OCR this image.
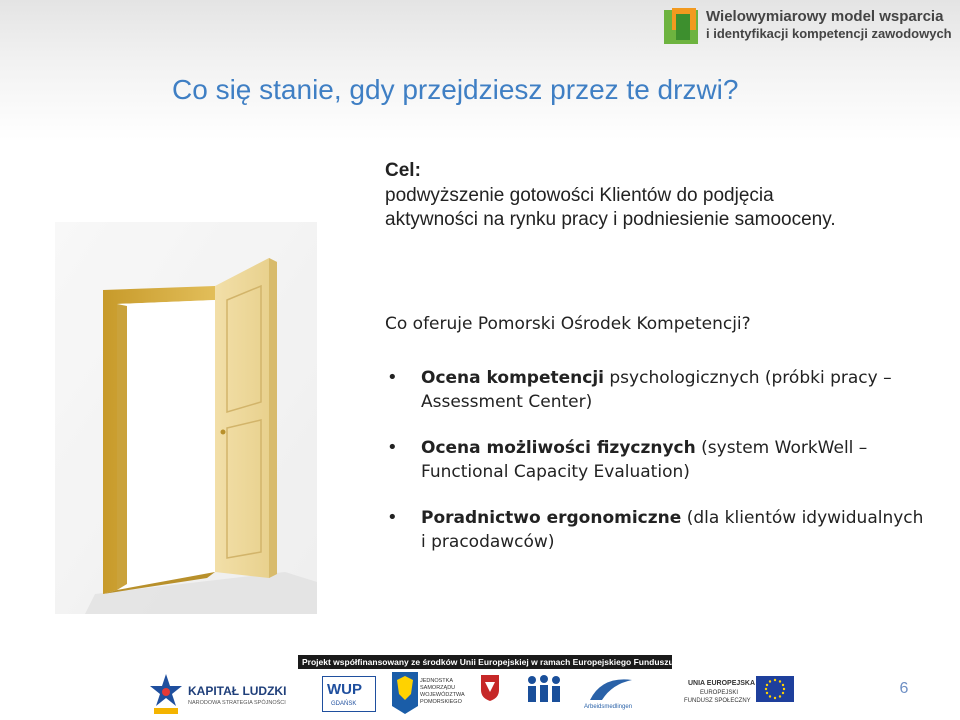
Wielowymiarowy model wsparcia
i identyfikacji kompetencji zawodowych
Co się stanie, gdy przejdziesz przez te drzwi?
Cel:
podwyższenie gotowości Klientów do podjęcia aktywności na rynku pracy i podniesienie samooceny.
Co oferuje Pomorski Ośrodek Kompetencji?
• Ocena kompetencji psychologicznych (próbki pracy – Assessment Center)
• Ocena możliwości fizycznych (system WorkWell – Functional Capacity Evaluation)
• Poradnictwo ergonomiczne (dla klientów idywidualnych i pracodawców)
Projekt współfinansowany ze środków Unii Europejskiej w ramach Europejskiego Funduszu Społecznego.
KAPITAŁ LUDZKI
NARODOWA STRATEGIA SPÓJNOŚCI
WUP
GDAŃSK
JEDNOSTKA SAMORZĄDU WOJEWÓDZTWA POMORSKIEGO
Arbeidsmedlingen
UNIA EUROPEJSKA
EUROPEJSKI
FUNDUSZ SPOŁECZNY
6
